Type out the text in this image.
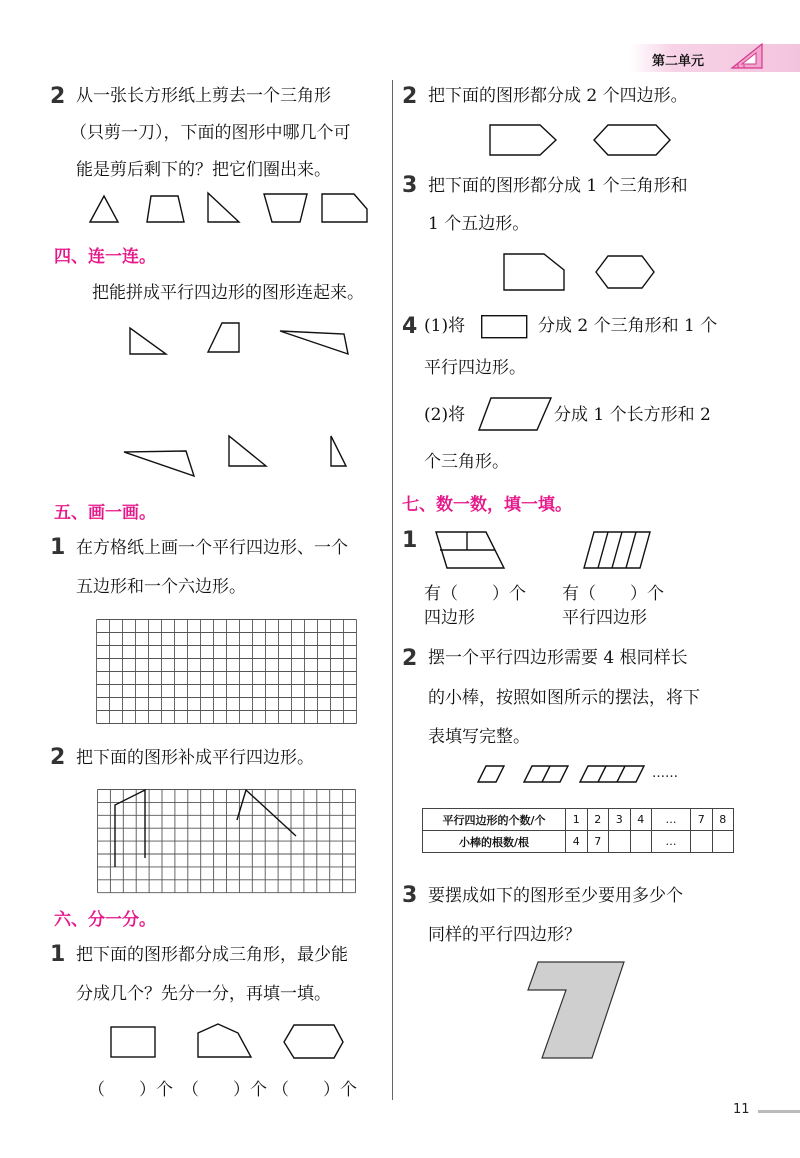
第二单元
2 从一张长方形纸上剪去一个三角形
（只剪一刀），下面的图形中哪几个可
能是剪后剩下的？把它们圈出来。
四、连一连。
把能拼成平行四边形的图形连起来。
五、画一画。
1 在方格纸上画一个平行四边形、一个
五边形和一个六边形。
2 把下面的图形补成平行四边形。
六、分一分。
1 把下面的图形都分成三角形，最少能
分成几个？先分一分，再填一填。
（　　）个 （　　）个 （　　）个
2 把下面的图形都分成 2 个四边形。
3 把下面的图形都分成 1 个三角形和
1 个五边形。
4 (1)将	分成 2 个三角形和 1 个
平行四边形。
(2)将	分成 1 个长方形和 2
个三角形。
七、数一数，填一填。
1
有（　　）个
四边形
有（　　）个
平行四边形
2 摆一个平行四边形需要 4 根同样长
的小棒，按照如图所示的摆法，将下
表填写完整。
……
平行四边形的个数/个	1	2	3	4	…	7	8
小棒的根数/根	4	7			…		
3 要摆成如下的图形至少要用多少个
同样的平行四边形？
11
